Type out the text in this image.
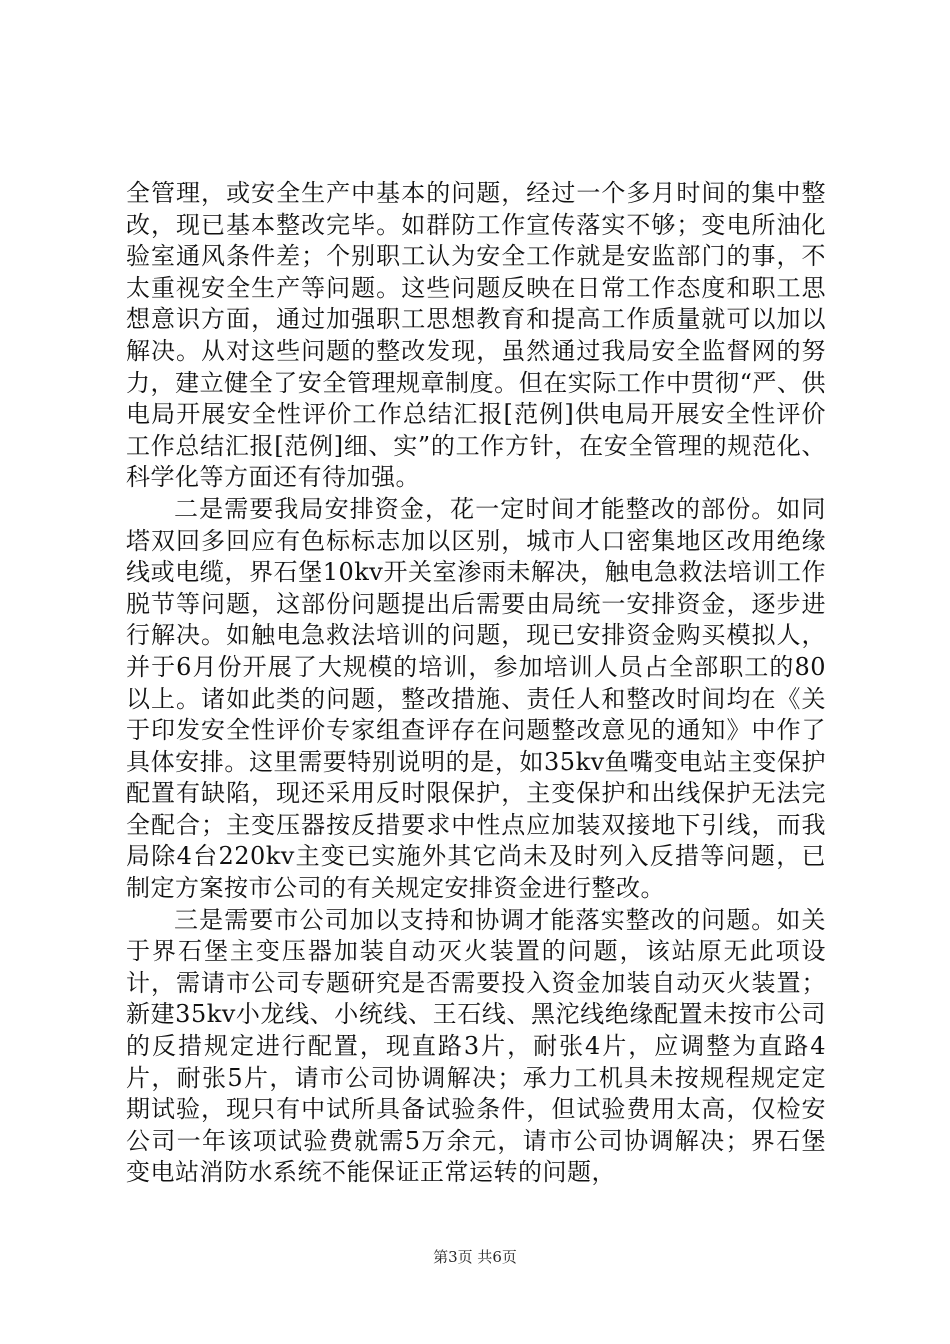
全管理，或安全生产中基本的问题，经过一个多月时间的集中整改，现已基本整改完毕。如群防工作宣传落实不够；变电所油化验室通风条件差；个别职工认为安全工作就是安监部门的事，不太重视安全生产等问题。这些问题反映在日常工作态度和职工思想意识方面，通过加强职工思想教育和提高工作质量就可以加以解决。从对这些问题的整改发现，虽然通过我局安全监督网的努力，建立健全了安全管理规章制度。但在实际工作中贯彻“严、供电局开展安全性评价工作总结汇报[范例]供电局开展安全性评价工作总结汇报[范例]细、实”的工作方针，在安全管理的规范化、科学化等方面还有待加强。

二是需要我局安排资金，花一定时间才能整改的部份。如同塔双回多回应有色标标志加以区别，城市人口密集地区改用绝缘线或电缆，界石堡10kv开关室渗雨未解决，触电急救法培训工作脱节等问题，这部份问题提出后需要由局统一安排资金，逐步进行解决。如触电急救法培训的问题，现已安排资金购买模拟人，并于6月份开展了大规模的培训，参加培训人员占全部职工的80以上。诸如此类的问题，整改措施、责任人和整改时间均在《关于印发安全性评价专家组查评存在问题整改意见的通知》中作了具体安排。这里需要特别说明的是，如35kv鱼嘴变电站主变保护配置有缺陷，现还采用反时限保护，主变保护和出线保护无法完全配合；主变压器按反措要求中性点应加装双接地下引线，而我局除4台220kv主变已实施外其它尚未及时列入反措等问题，已制定方案按市公司的有关规定安排资金进行整改。

三是需要市公司加以支持和协调才能落实整改的问题。如关于界石堡主变压器加装自动灭火装置的问题，该站原无此项设计，需请市公司专题研究是否需要投入资金加装自动灭火装置；新建35kv小龙线、小统线、王石线、黑沱线绝缘配置未按市公司的反措规定进行配置，现直路3片，耐张4片，应调整为直路4片，耐张5片，请市公司协调解决；承力工机具未按规程规定定期试验，现只有中试所具备试验条件，但试验费用太高，仅检安公司一年该项试验费就需5万余元，请市公司协调解决；界石堡变电站消防水系统不能保证正常运转的问题，

第3页 共6页
